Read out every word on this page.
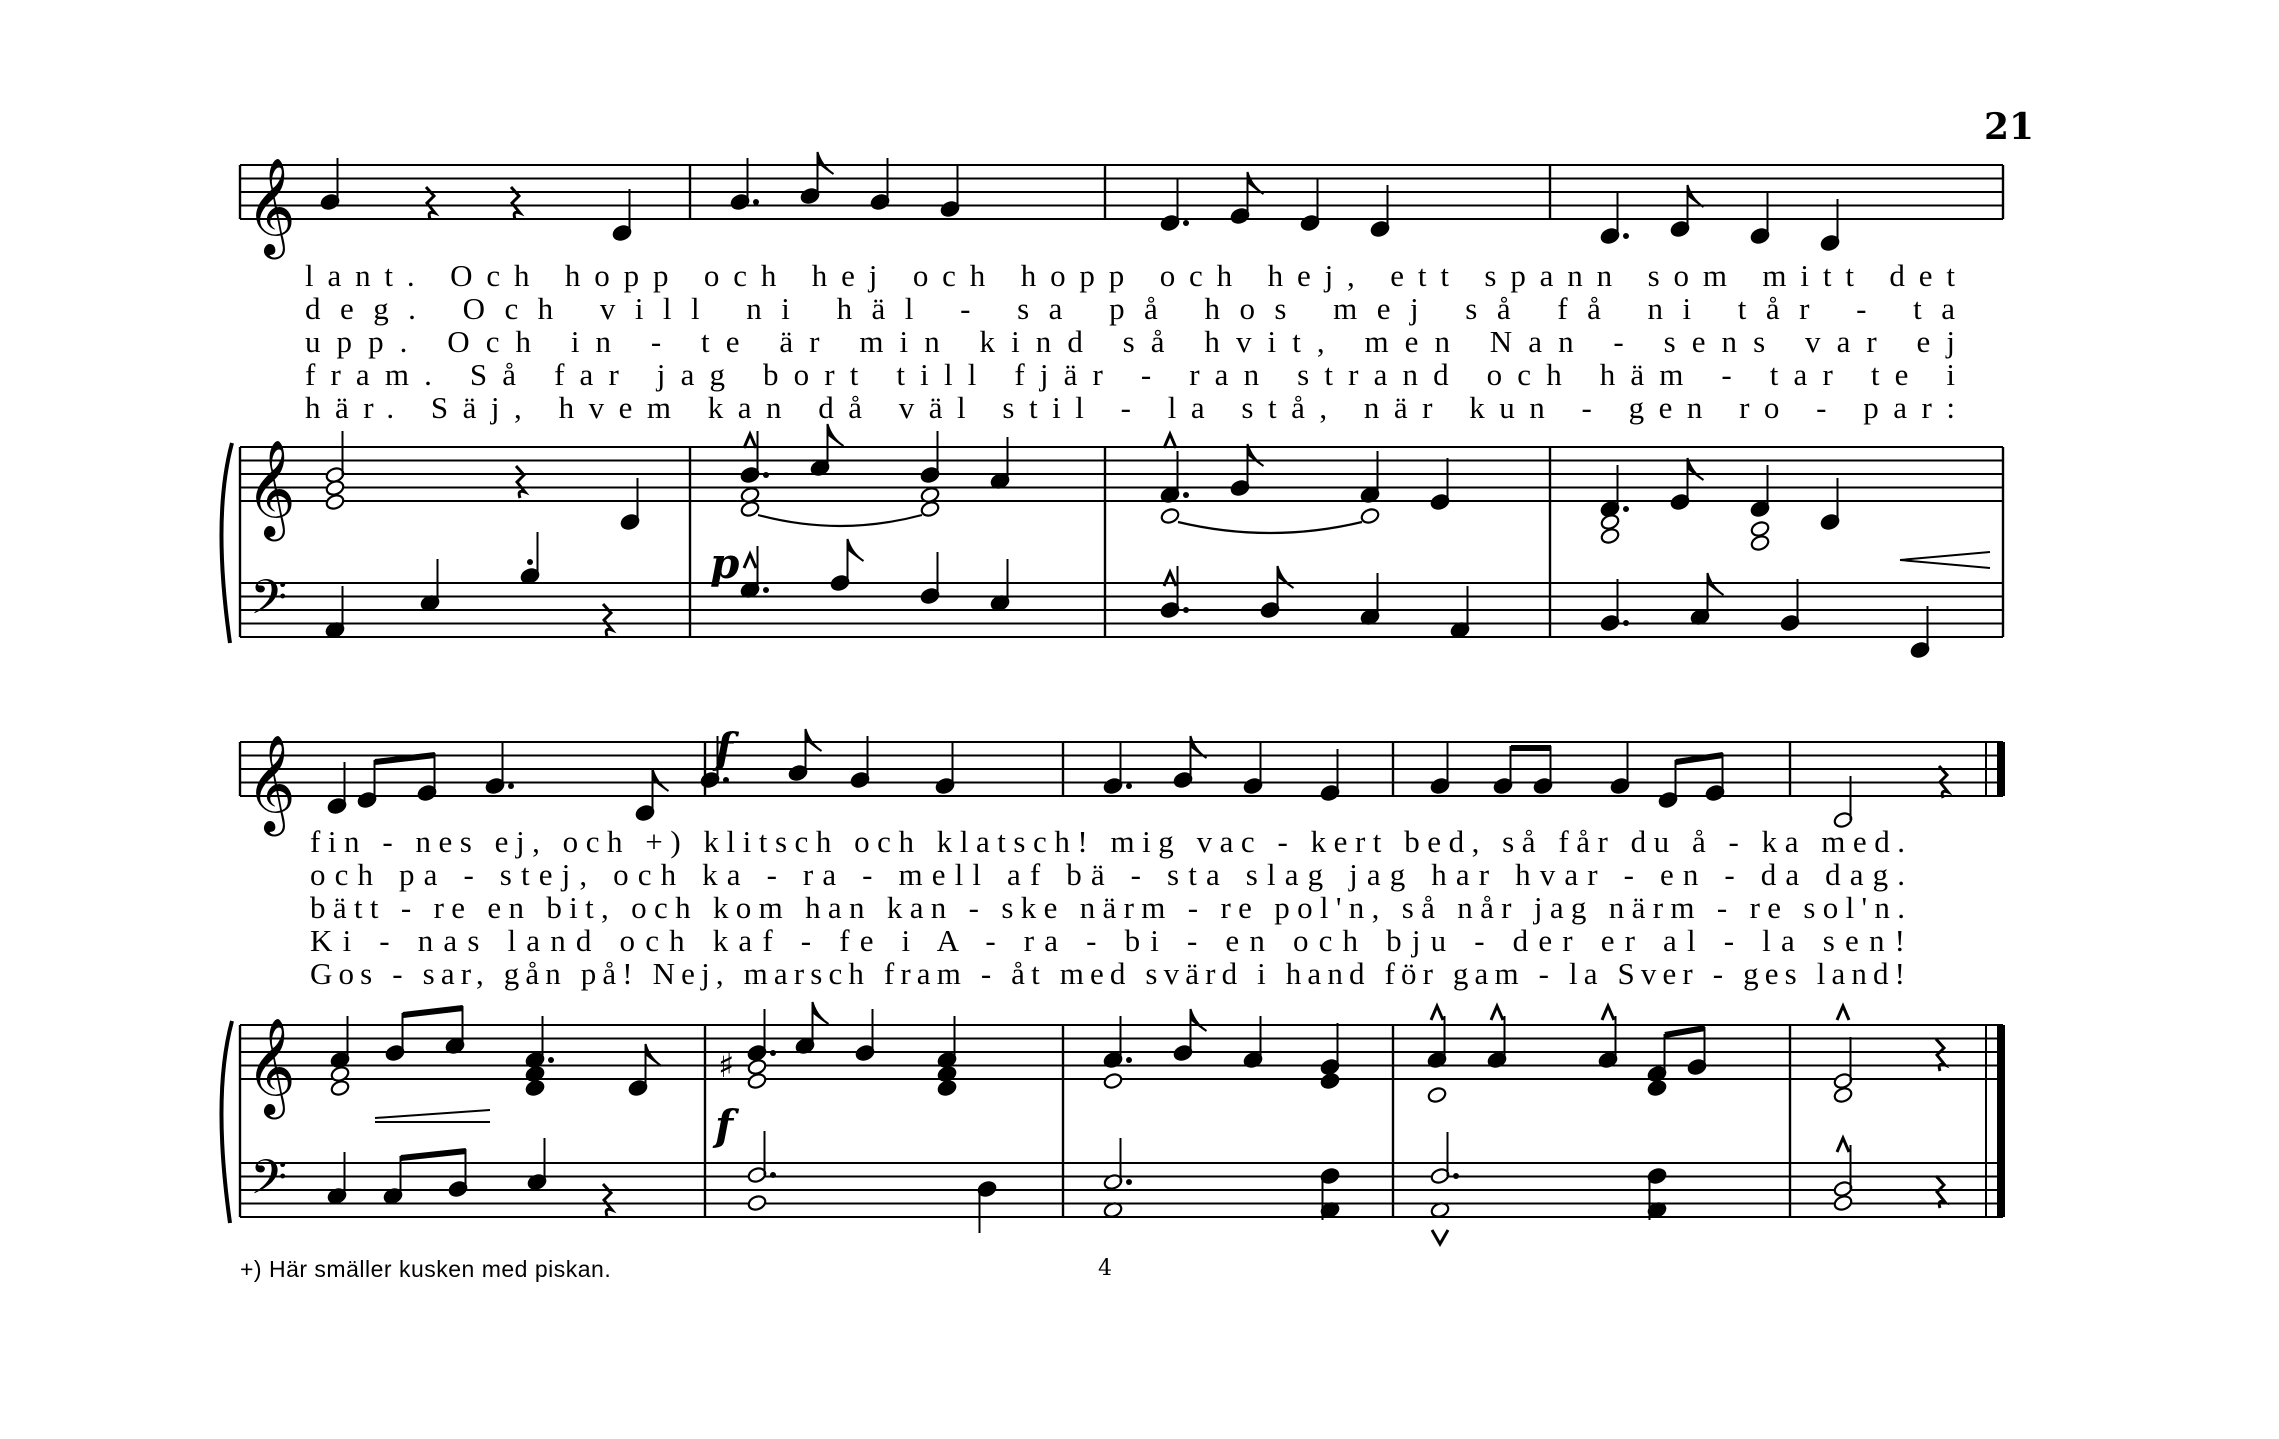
21
𝄞
𝄞
𝄢
p
𝄞
𝄞
𝄢
♯
f
f
lant. Och hopp och hej och hopp och hej, ett spann som mitt det
deg. Och vill ni häl - sa på hos mej så få ni tår - ta
upp. Och in - te är min kind så hvit, men Nan - sens var ej
fram. Så far jag bort till fjär - ran strand och häm - tar te i
här. Säj, hvem kan då väl stil - la stå, när kun - gen ro - par:
fin - nes ej, och +) klitsch och klatsch! mig vac - kert bed, så får du å - ka med.
och pa - stej, och ka - ra - mell af bä - sta slag jag har hvar - en - da dag.
bätt - re en bit, och kom han kan - ske närm - re pol'n, så når jag närm - re sol'n.
Ki - nas land och kaf - fe i A - ra - bi - en och bju - der er al - la sen!
Gos - sar, gån på! Nej, marsch fram - åt med svärd i hand för gam - la Sver - ges land!
+) Här smäller kusken med piskan.	4
